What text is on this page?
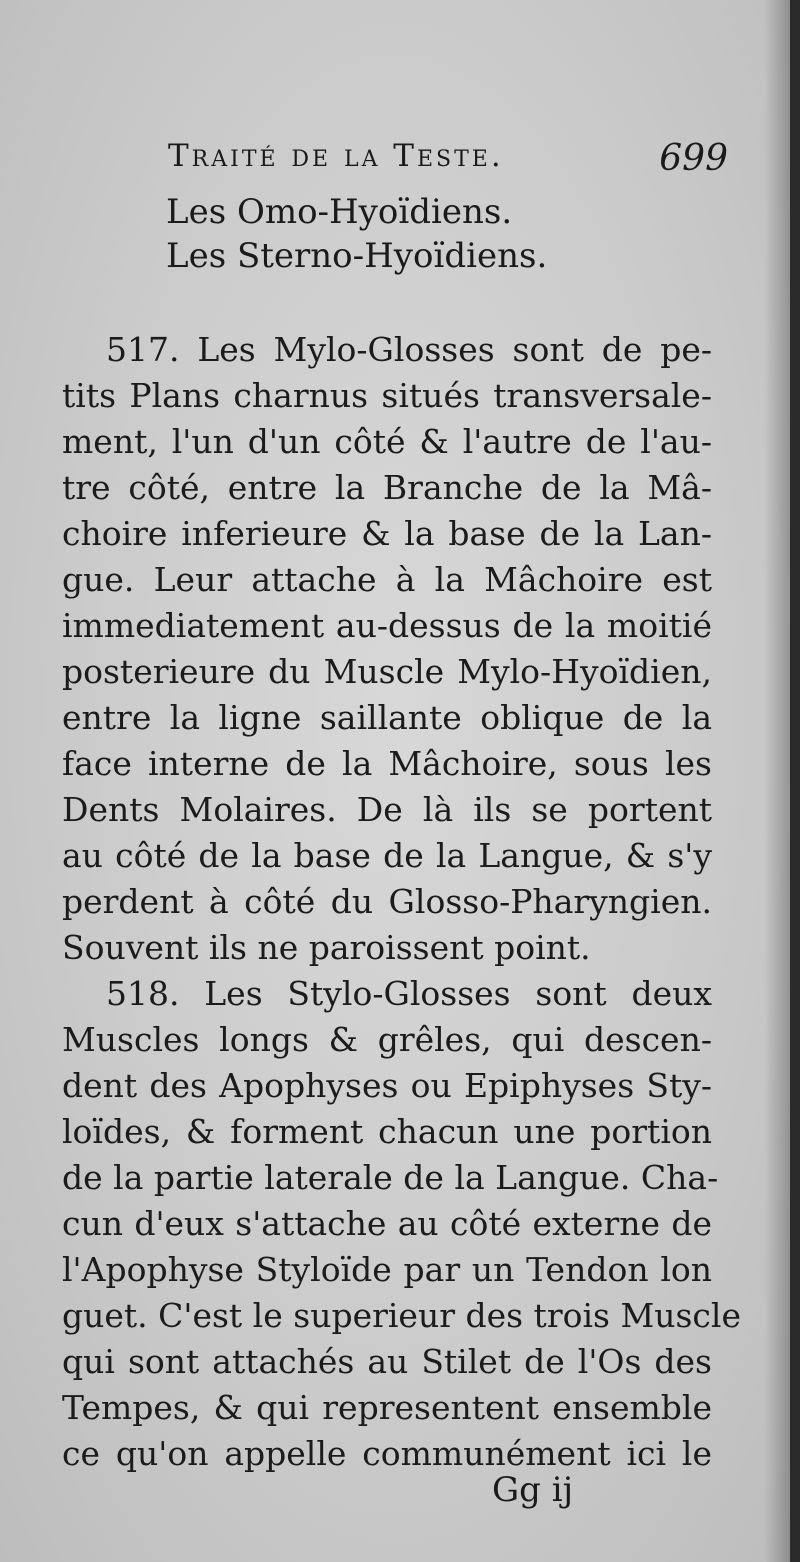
Traité de la Teste.	699
Les Omo-Hyoïdiens.
Les Sterno-Hyoïdiens.
517. Les Mylo-Glosses sont de pe-
tits Plans charnus situés transversale-
ment, l'un d'un côté & l'autre de l'au-
tre côté, entre la Branche de la Mâ-
choire inferieure & la base de la Lan-
gue. Leur attache à la Mâchoire est
immediatement au-dessus de la moitié
posterieure du Muscle Mylo-Hyoïdien,
entre la ligne saillante oblique de la
face interne de la Mâchoire, sous les
Dents Molaires. De là ils se portent
au côté de la base de la Langue, & s'y
perdent à côté du Glosso-Pharyngien.
Souvent ils ne paroissent point.
518. Les Stylo-Glosses sont deux
Muscles longs & grêles, qui descen-
dent des Apophyses ou Epiphyses Sty-
loïdes, & forment chacun une portion
de la partie laterale de la Langue. Cha-
cun d'eux s'attache au côté externe de
l'Apophyse Styloïde par un Tendon lon
guet. C'est le superieur des trois Muscle
qui sont attachés au Stilet de l'Os des
Tempes, & qui representent ensemble
ce qu'on appelle communément ici le
Gg ij
